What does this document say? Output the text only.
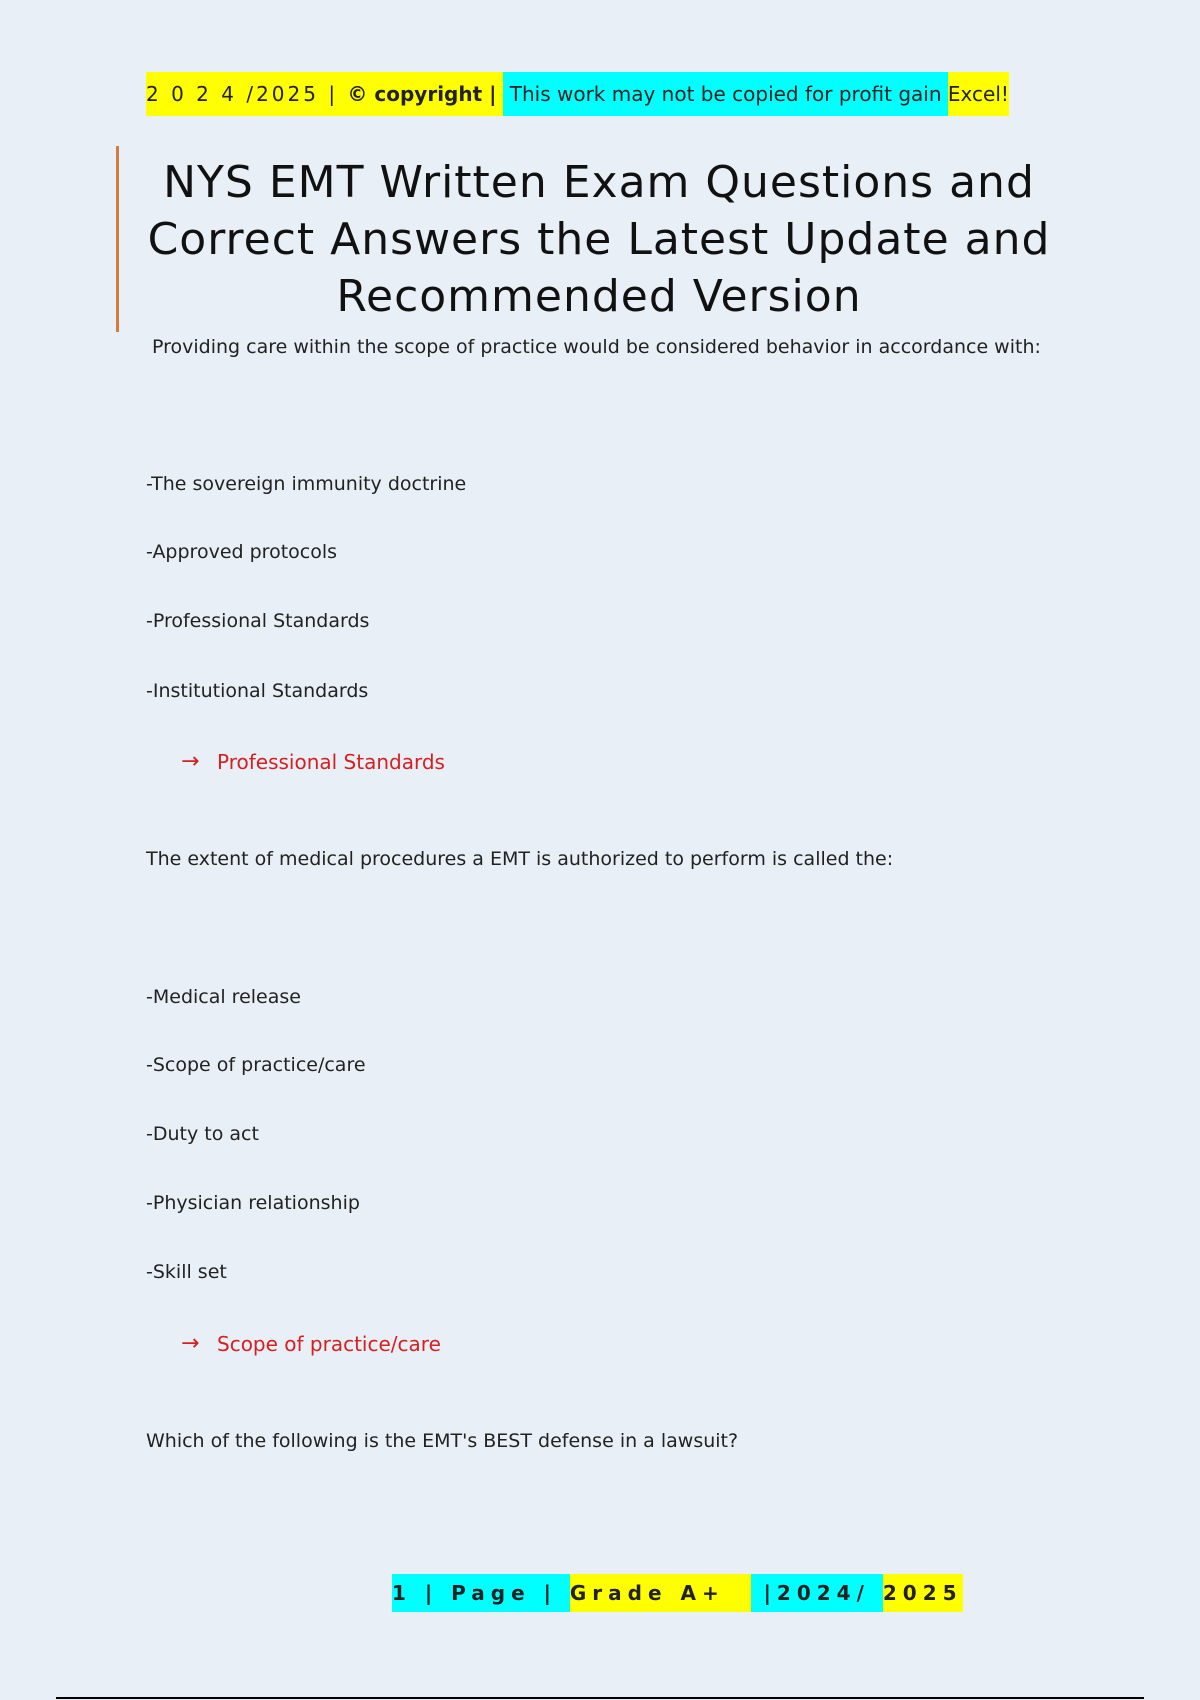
2 0 2 4 /2025 | © copyright | This work may not be copied for profit gain Excel!
NYS EMT Written Exam Questions and
Correct Answers the Latest Update and
Recommended Version
Providing care within the scope of practice would be considered behavior in accordance with:
-The sovereign immunity doctrine
-Approved protocols
-Professional Standards
-Institutional Standards
→ Professional Standards
The extent of medical procedures a EMT is authorized to perform is called the:
-Medical release
-Scope of practice/care
-Duty to act
-Physician relationship
-Skill set
→ Scope of practice/care
Which of the following is the EMT's BEST defense in a lawsuit?
1 | Page | Grade A+ |2024/ 2025
